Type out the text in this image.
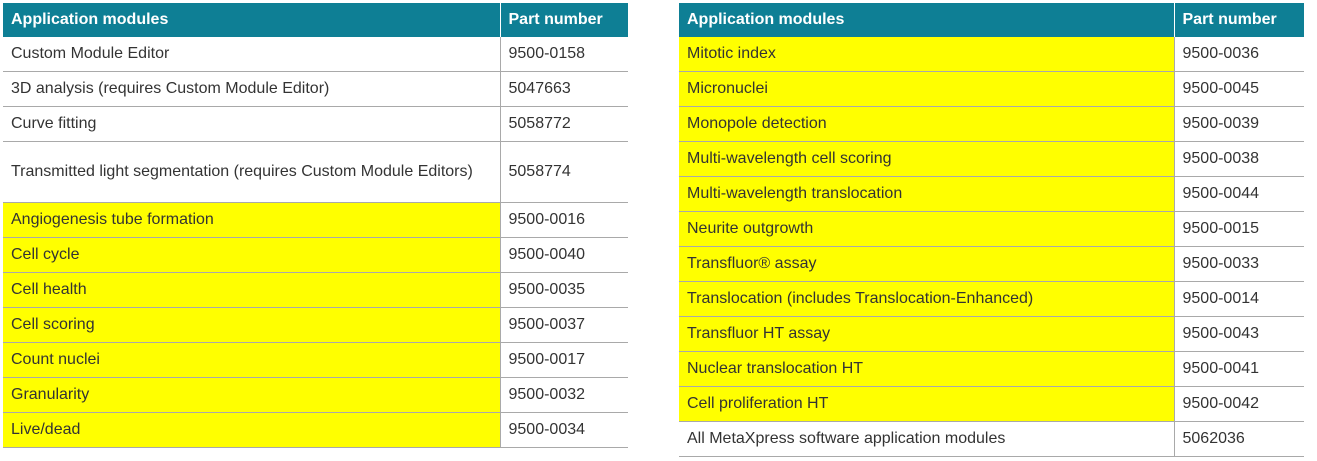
Application modules	Part number
Custom Module Editor	9500-0158
3D analysis (requires Custom Module Editor)	5047663
Curve fitting	5058772
Transmitted light segmentation (requires Custom Module Editors)	5058774
Angiogenesis tube formation	9500-0016
Cell cycle	9500-0040
Cell health	9500-0035
Cell scoring	9500-0037
Count nuclei	9500-0017
Granularity	9500-0032
Live/dead	9500-0034
Application modules	Part number
Mitotic index	9500-0036
Micronuclei	9500-0045
Monopole detection	9500-0039
Multi-wavelength cell scoring	9500-0038
Multi-wavelength translocation	9500-0044
Neurite outgrowth	9500-0015
Transfluor® assay	9500-0033
Translocation (includes Translocation-Enhanced)	9500-0014
Transfluor HT assay	9500-0043
Nuclear translocation HT	9500-0041
Cell proliferation HT	9500-0042
All MetaXpress software application modules	5062036
